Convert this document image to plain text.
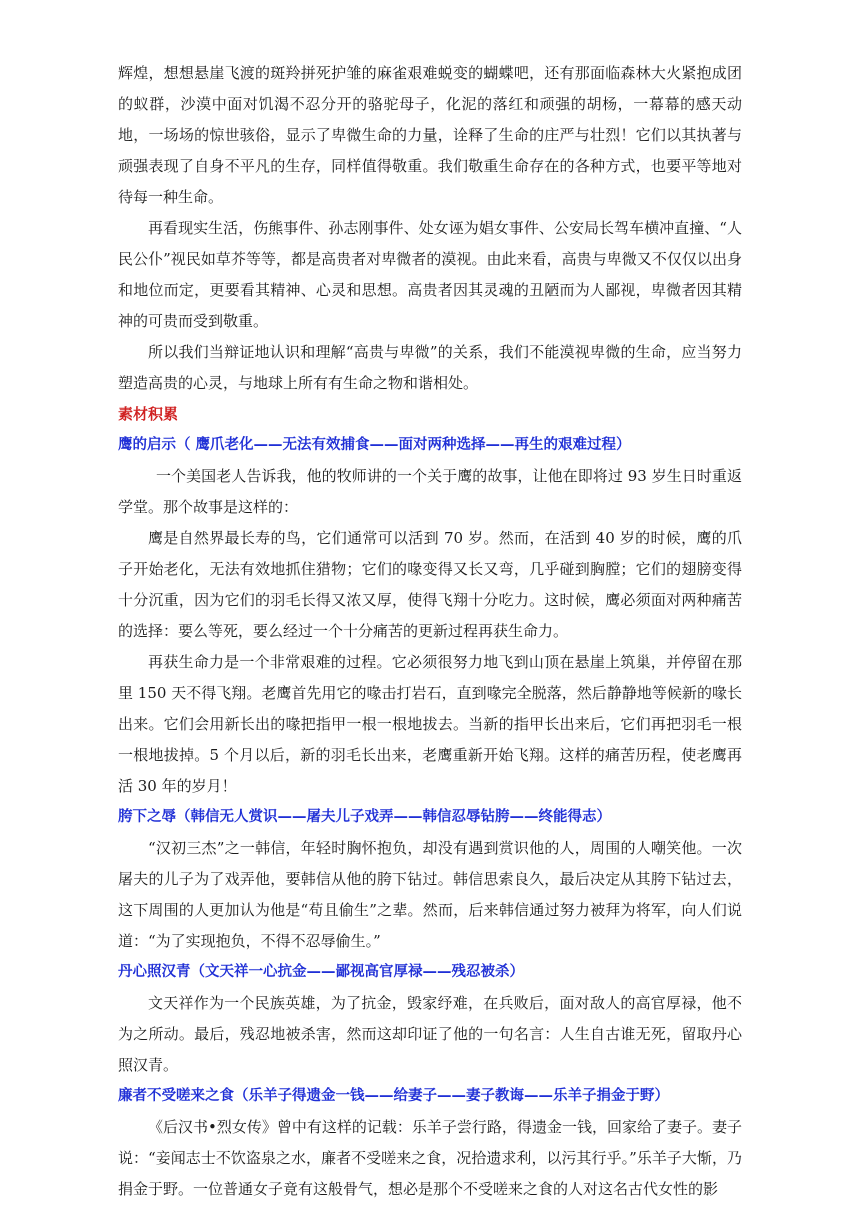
辉煌，想想悬崖飞渡的斑羚拼死护雏的麻雀艰难蜕变的蝴蝶吧，还有那面临森林大火紧抱成团的蚁群，沙漠中面对饥渴不忍分开的骆驼母子，化泥的落红和顽强的胡杨，一幕幕的感天动地，一场场的惊世骇俗，显示了卑微生命的力量，诠释了生命的庄严与壮烈！它们以其执著与顽强表现了自身不平凡的生存，同样值得敬重。我们敬重生命存在的各种方式，也要平等地对待每一种生命。

再看现实生活，伤熊事件、孙志刚事件、处女诬为娼女事件、公安局长驾车横冲直撞、“人民公仆”视民如草芥等等，都是高贵者对卑微者的漠视。由此来看，高贵与卑微又不仅仅以出身和地位而定，更要看其精神、心灵和思想。高贵者因其灵魂的丑陋而为人鄙视，卑微者因其精神的可贵而受到敬重。

所以我们当辩证地认识和理解“高贵与卑微”的关系，我们不能漠视卑微的生命，应当努力塑造高贵的心灵，与地球上所有有生命之物和谐相处。

素材积累

鹰的启示（ 鹰爪老化——无法有效捕食——面对两种选择——再生的艰难过程）

一个美国老人告诉我，他的牧师讲的一个关于鹰的故事，让他在即将过 93 岁生日时重返学堂。那个故事是这样的：

鹰是自然界最长寿的鸟，它们通常可以活到 70 岁。然而，在活到 40 岁的时候，鹰的爪子开始老化，无法有效地抓住猎物；它们的喙变得又长又弯，几乎碰到胸膛；它们的翅膀变得十分沉重，因为它们的羽毛长得又浓又厚，使得飞翔十分吃力。这时候，鹰必须面对两种痛苦的选择：要么等死，要么经过一个十分痛苦的更新过程再获生命力。

再获生命力是一个非常艰难的过程。它必须很努力地飞到山顶在悬崖上筑巢，并停留在那里 150 天不得飞翔。老鹰首先用它的喙击打岩石，直到喙完全脱落，然后静静地等候新的喙长出来。它们会用新长出的喙把指甲一根一根地拔去。当新的指甲长出来后，它们再把羽毛一根一根地拔掉。5 个月以后，新的羽毛长出来，老鹰重新开始飞翔。这样的痛苦历程，使老鹰再活 30 年的岁月！

胯下之辱（韩信无人赏识——屠夫儿子戏弄——韩信忍辱钻胯——终能得志）

“汉初三杰”之一韩信，年轻时胸怀抱负，却没有遇到赏识他的人，周围的人嘲笑他。一次屠夫的儿子为了戏弄他，要韩信从他的胯下钻过。韩信思索良久，最后决定从其胯下钻过去，这下周围的人更加认为他是“苟且偷生”之辈。然而，后来韩信通过努力被拜为将军，向人们说道：“为了实现抱负，不得不忍辱偷生。”

丹心照汉青（文天祥一心抗金——鄙视高官厚禄——残忍被杀）

文天祥作为一个民族英雄，为了抗金，毁家纾难，在兵败后，面对敌人的高官厚禄，他不为之所动。最后，残忍地被杀害，然而这却印证了他的一句名言：人生自古谁无死，留取丹心照汉青。

廉者不受嗟来之食（乐羊子得遗金一钱——给妻子——妻子教诲——乐羊子捐金于野）

《后汉书•烈女传》曾中有这样的记载：乐羊子尝行路，得遗金一钱，回家给了妻子。妻子说：“妾闻志士不饮盗泉之水，廉者不受嗟来之食，况拾遗求利，以污其行乎。”乐羊子大惭，乃捐金于野。一位普通女子竟有这般骨气，想必是那个不受嗟来之食的人对这名古代女性的影
